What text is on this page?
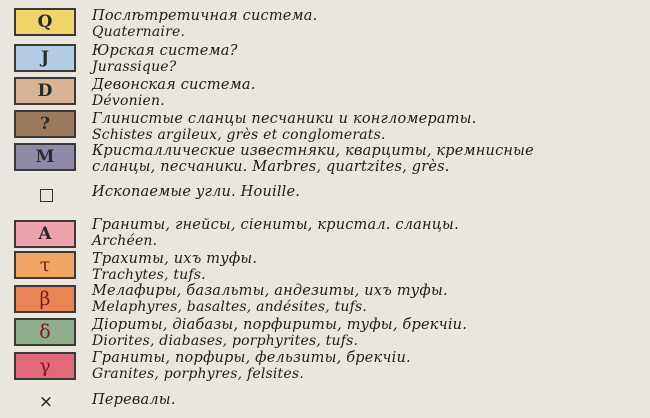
Q	Послѣтретичная система.
Quaternaire.
J	Юрская система?
Jurassique?
D	Девонская система.
Dévonien.
?	Глинистые сланцы песчаники и конгломераты.
Schistes argileux, grès et conglomerats.
M	Кристаллические известняки, кварциты, кремнисные
сланцы, песчаники. Marbres, quartzites, grès.
Ископаемые угли. Houille.
A	Граниты, гнейсы, сіениты, кристал. сланцы.
Archéen.
τ	Трахиты, ихъ туфы.
Trachytes, tufs.
β	Мелафиры, базальты, андезиты, ихъ туфы.
Melaphyres, basaltes, andésites, tufs.
δ	Діориты, діабазы, порфириты, туфы, брекчіи.
Diorites, diabases, porphyrites, tufs.
γ	Граниты, порфиры, фельзиты, брекчіи.
Granites, porphyres, felsites.
×	Перевалы.
